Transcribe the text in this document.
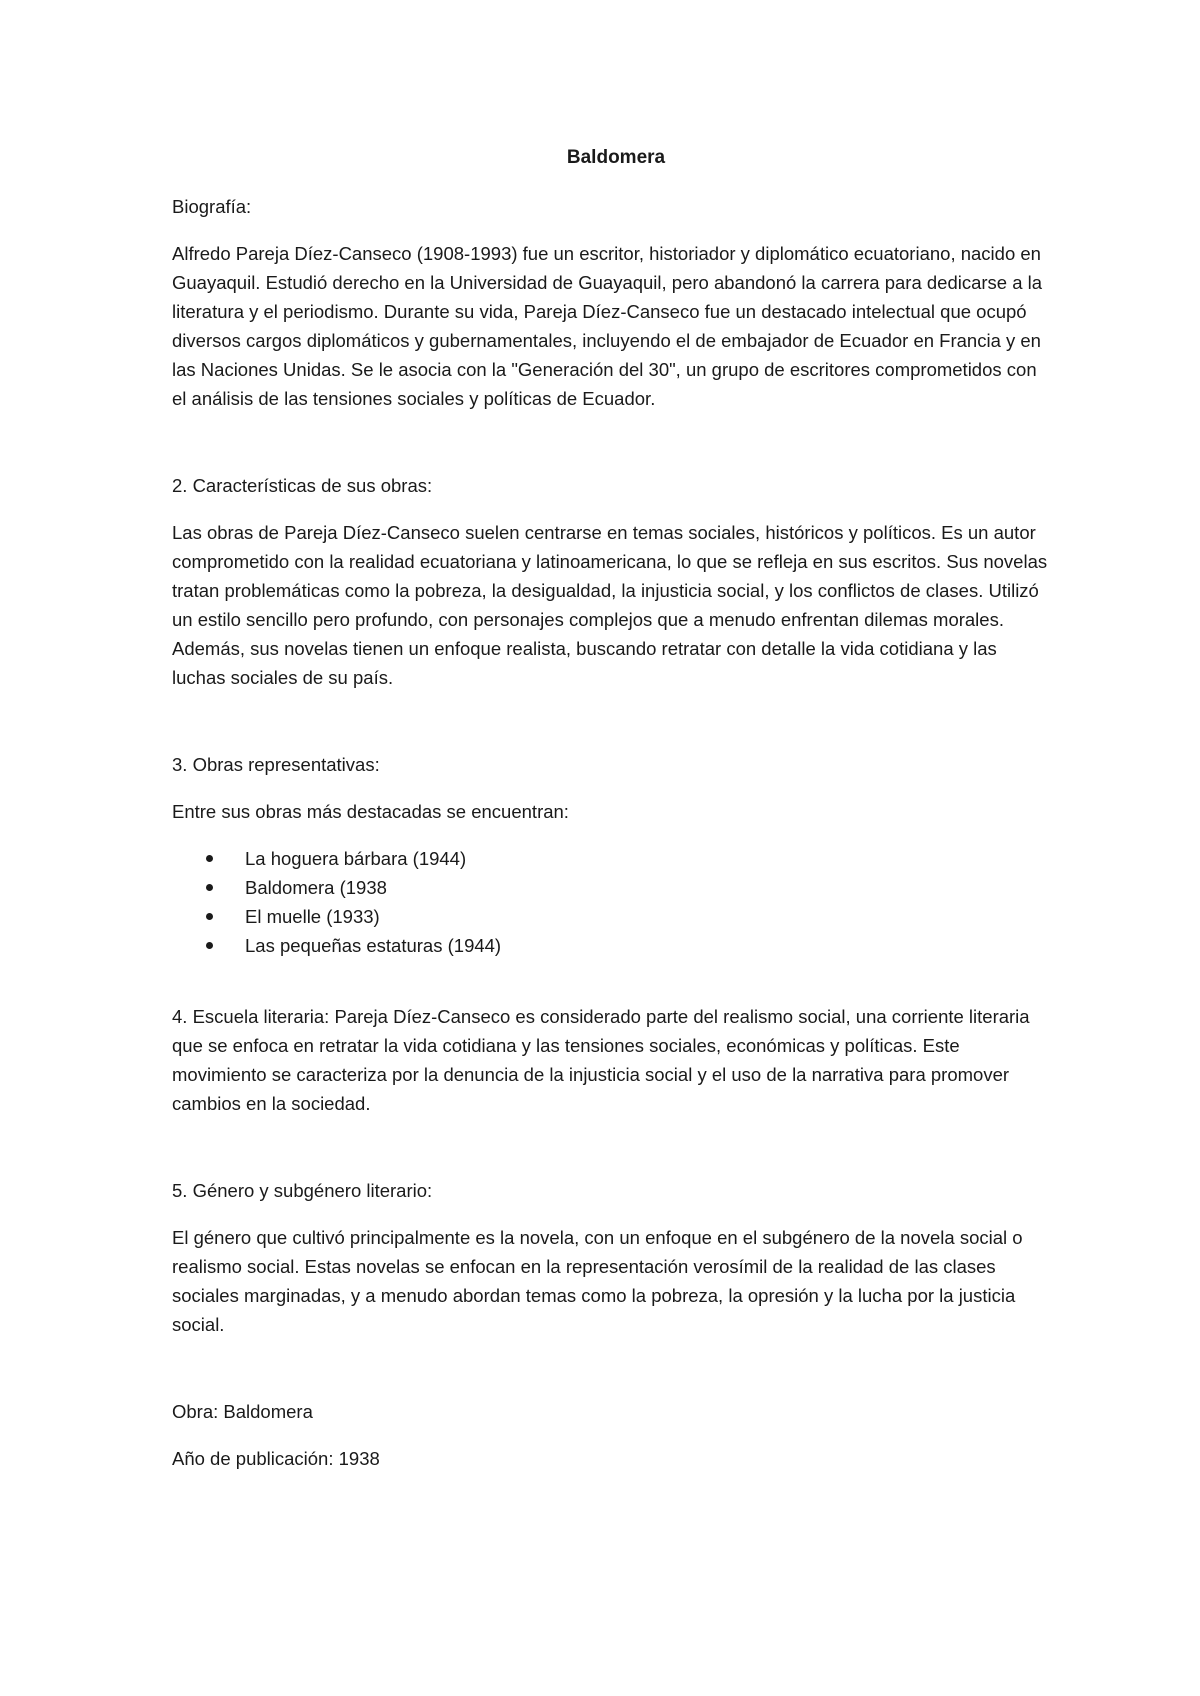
Baldomera

Biografía:

Alfredo Pareja Díez-Canseco (1908-1993) fue un escritor, historiador y diplomático ecuatoriano, nacido en Guayaquil. Estudió derecho en la Universidad de Guayaquil, pero abandonó la carrera para dedicarse a la literatura y el periodismo. Durante su vida, Pareja Díez-Canseco fue un destacado intelectual que ocupó diversos cargos diplomáticos y gubernamentales, incluyendo el de embajador de Ecuador en Francia y en las Naciones Unidas. Se le asocia con la "Generación del 30", un grupo de escritores comprometidos con el análisis de las tensiones sociales y políticas de Ecuador.

2. Características de sus obras:

Las obras de Pareja Díez-Canseco suelen centrarse en temas sociales, históricos y políticos. Es un autor comprometido con la realidad ecuatoriana y latinoamericana, lo que se refleja en sus escritos. Sus novelas tratan problemáticas como la pobreza, la desigualdad, la injusticia social, y los conflictos de clases. Utilizó un estilo sencillo pero profundo, con personajes complejos que a menudo enfrentan dilemas morales. Además, sus novelas tienen un enfoque realista, buscando retratar con detalle la vida cotidiana y las luchas sociales de su país.

3. Obras representativas:

Entre sus obras más destacadas se encuentran:

La hoguera bárbara (1944)
Baldomera (1938
El muelle (1933)
Las pequeñas estaturas (1944)

4. Escuela literaria: Pareja Díez-Canseco es considerado parte del realismo social, una corriente literaria que se enfoca en retratar la vida cotidiana y las tensiones sociales, económicas y políticas. Este movimiento se caracteriza por la denuncia de la injusticia social y el uso de la narrativa para promover cambios en la sociedad.

5. Género y subgénero literario:

El género que cultivó principalmente es la novela, con un enfoque en el subgénero de la novela social o realismo social. Estas novelas se enfocan en la representación verosímil de la realidad de las clases sociales marginadas, y a menudo abordan temas como la pobreza, la opresión y la lucha por la justicia social.

Obra: Baldomera

Año de publicación: 1938
